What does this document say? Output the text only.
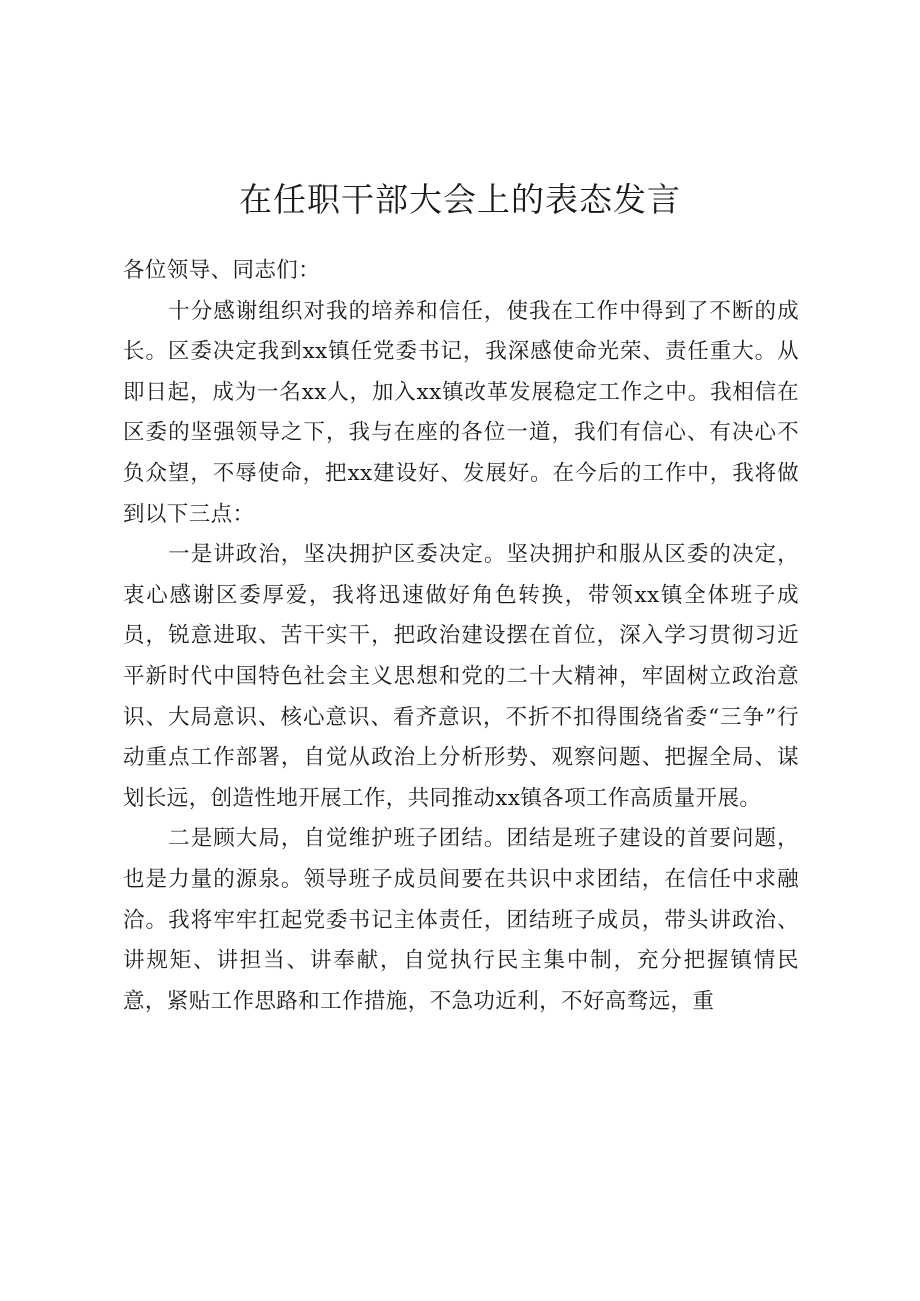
在任职干部大会上的表态发言

各位领导、同志们：

十分感谢组织对我的培养和信任，使我在工作中得到了不断的成长。区委决定我到xx镇任党委书记，我深感使命光荣、责任重大。从即日起，成为一名xx人，加入xx镇改革发展稳定工作之中。我相信在区委的坚强领导之下，我与在座的各位一道，我们有信心、有决心不负众望，不辱使命，把xx建设好、发展好。在今后的工作中，我将做到以下三点：

一是讲政治，坚决拥护区委决定。坚决拥护和服从区委的决定，衷心感谢区委厚爱，我将迅速做好角色转换，带领xx镇全体班子成员，锐意进取、苦干实干，把政治建设摆在首位，深入学习贯彻习近平新时代中国特色社会主义思想和党的二十大精神，牢固树立政治意识、大局意识、核心意识、看齐意识，不折不扣得围绕省委“三争”行动重点工作部署，自觉从政治上分析形势、观察问题、把握全局、谋划长远，创造性地开展工作，共同推动xx镇各项工作高质量开展。

二是顾大局，自觉维护班子团结。团结是班子建设的首要问题，也是力量的源泉。领导班子成员间要在共识中求团结，在信任中求融洽。我将牢牢扛起党委书记主体责任，团结班子成员，带头讲政治、讲规矩、讲担当、讲奉献，自觉执行民主集中制，充分把握镇情民意，紧贴工作思路和工作措施，不急功近利，不好高骛远，重
